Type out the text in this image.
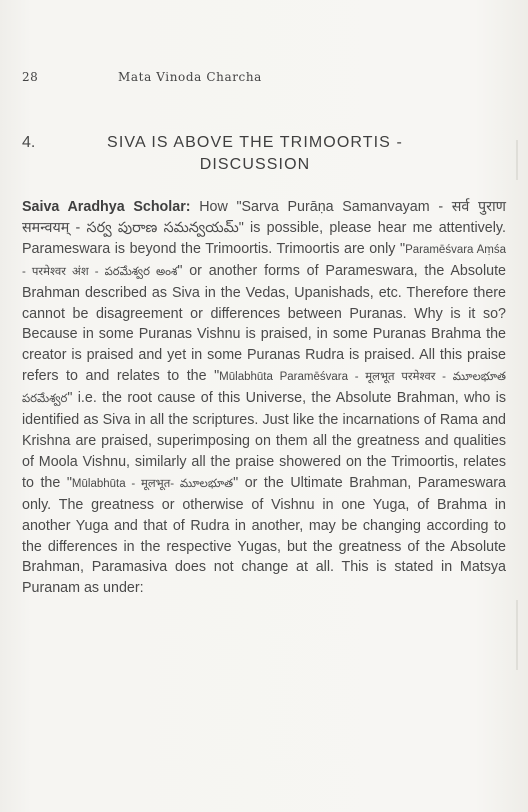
28	Mata Vinoda Charcha
4.	SIVA IS ABOVE THE TRIMOORTIS -
DISCUSSION

Saiva Aradhya Scholar: How "Sarva Purāṇa Samanvayam - सर्व पुराण समन्वयम् - సర్వ పురాణ సమన్వయమ్" is possible, please hear me attentively. Parameswara is beyond the Trimoortis. Trimoortis are only "Paramēśvara Aṃśa - परमेश्वर अंश - పరమేశ్వర అంశ" or another forms of Parameswara, the Absolute Brahman described as Siva in the Vedas, Upanishads, etc. Therefore there cannot be disagreement or differences between Puranas. Why is it so? Because in some Puranas Vishnu is praised, in some Puranas Brahma the creator is praised and yet in some Puranas Rudra is praised. All this praise refers to and relates to the "Mūlabhūta Paramēśvara - मूलभूत परमेश्वर - మూలభూత పరమేశ్వర" i.e. the root cause of this Universe, the Absolute Brahman, who is identified as Siva in all the scriptures. Just like the incarnations of Rama and Krishna are praised, superimposing on them all the greatness and qualities of Moola Vishnu, similarly all the praise showered on the Trimoortis, relates to the "Mūlabhūta - मूलभूत- మూలభూత" or the Ultimate Brahman, Parameswara only. The greatness or otherwise of Vishnu in one Yuga, of Brahma in another Yuga and that of Rudra in another, may be changing according to the differences in the respective Yugas, but the greatness of the Absolute Brahman, Paramasiva does not change at all. This is stated in Matsya Puranam as under:
